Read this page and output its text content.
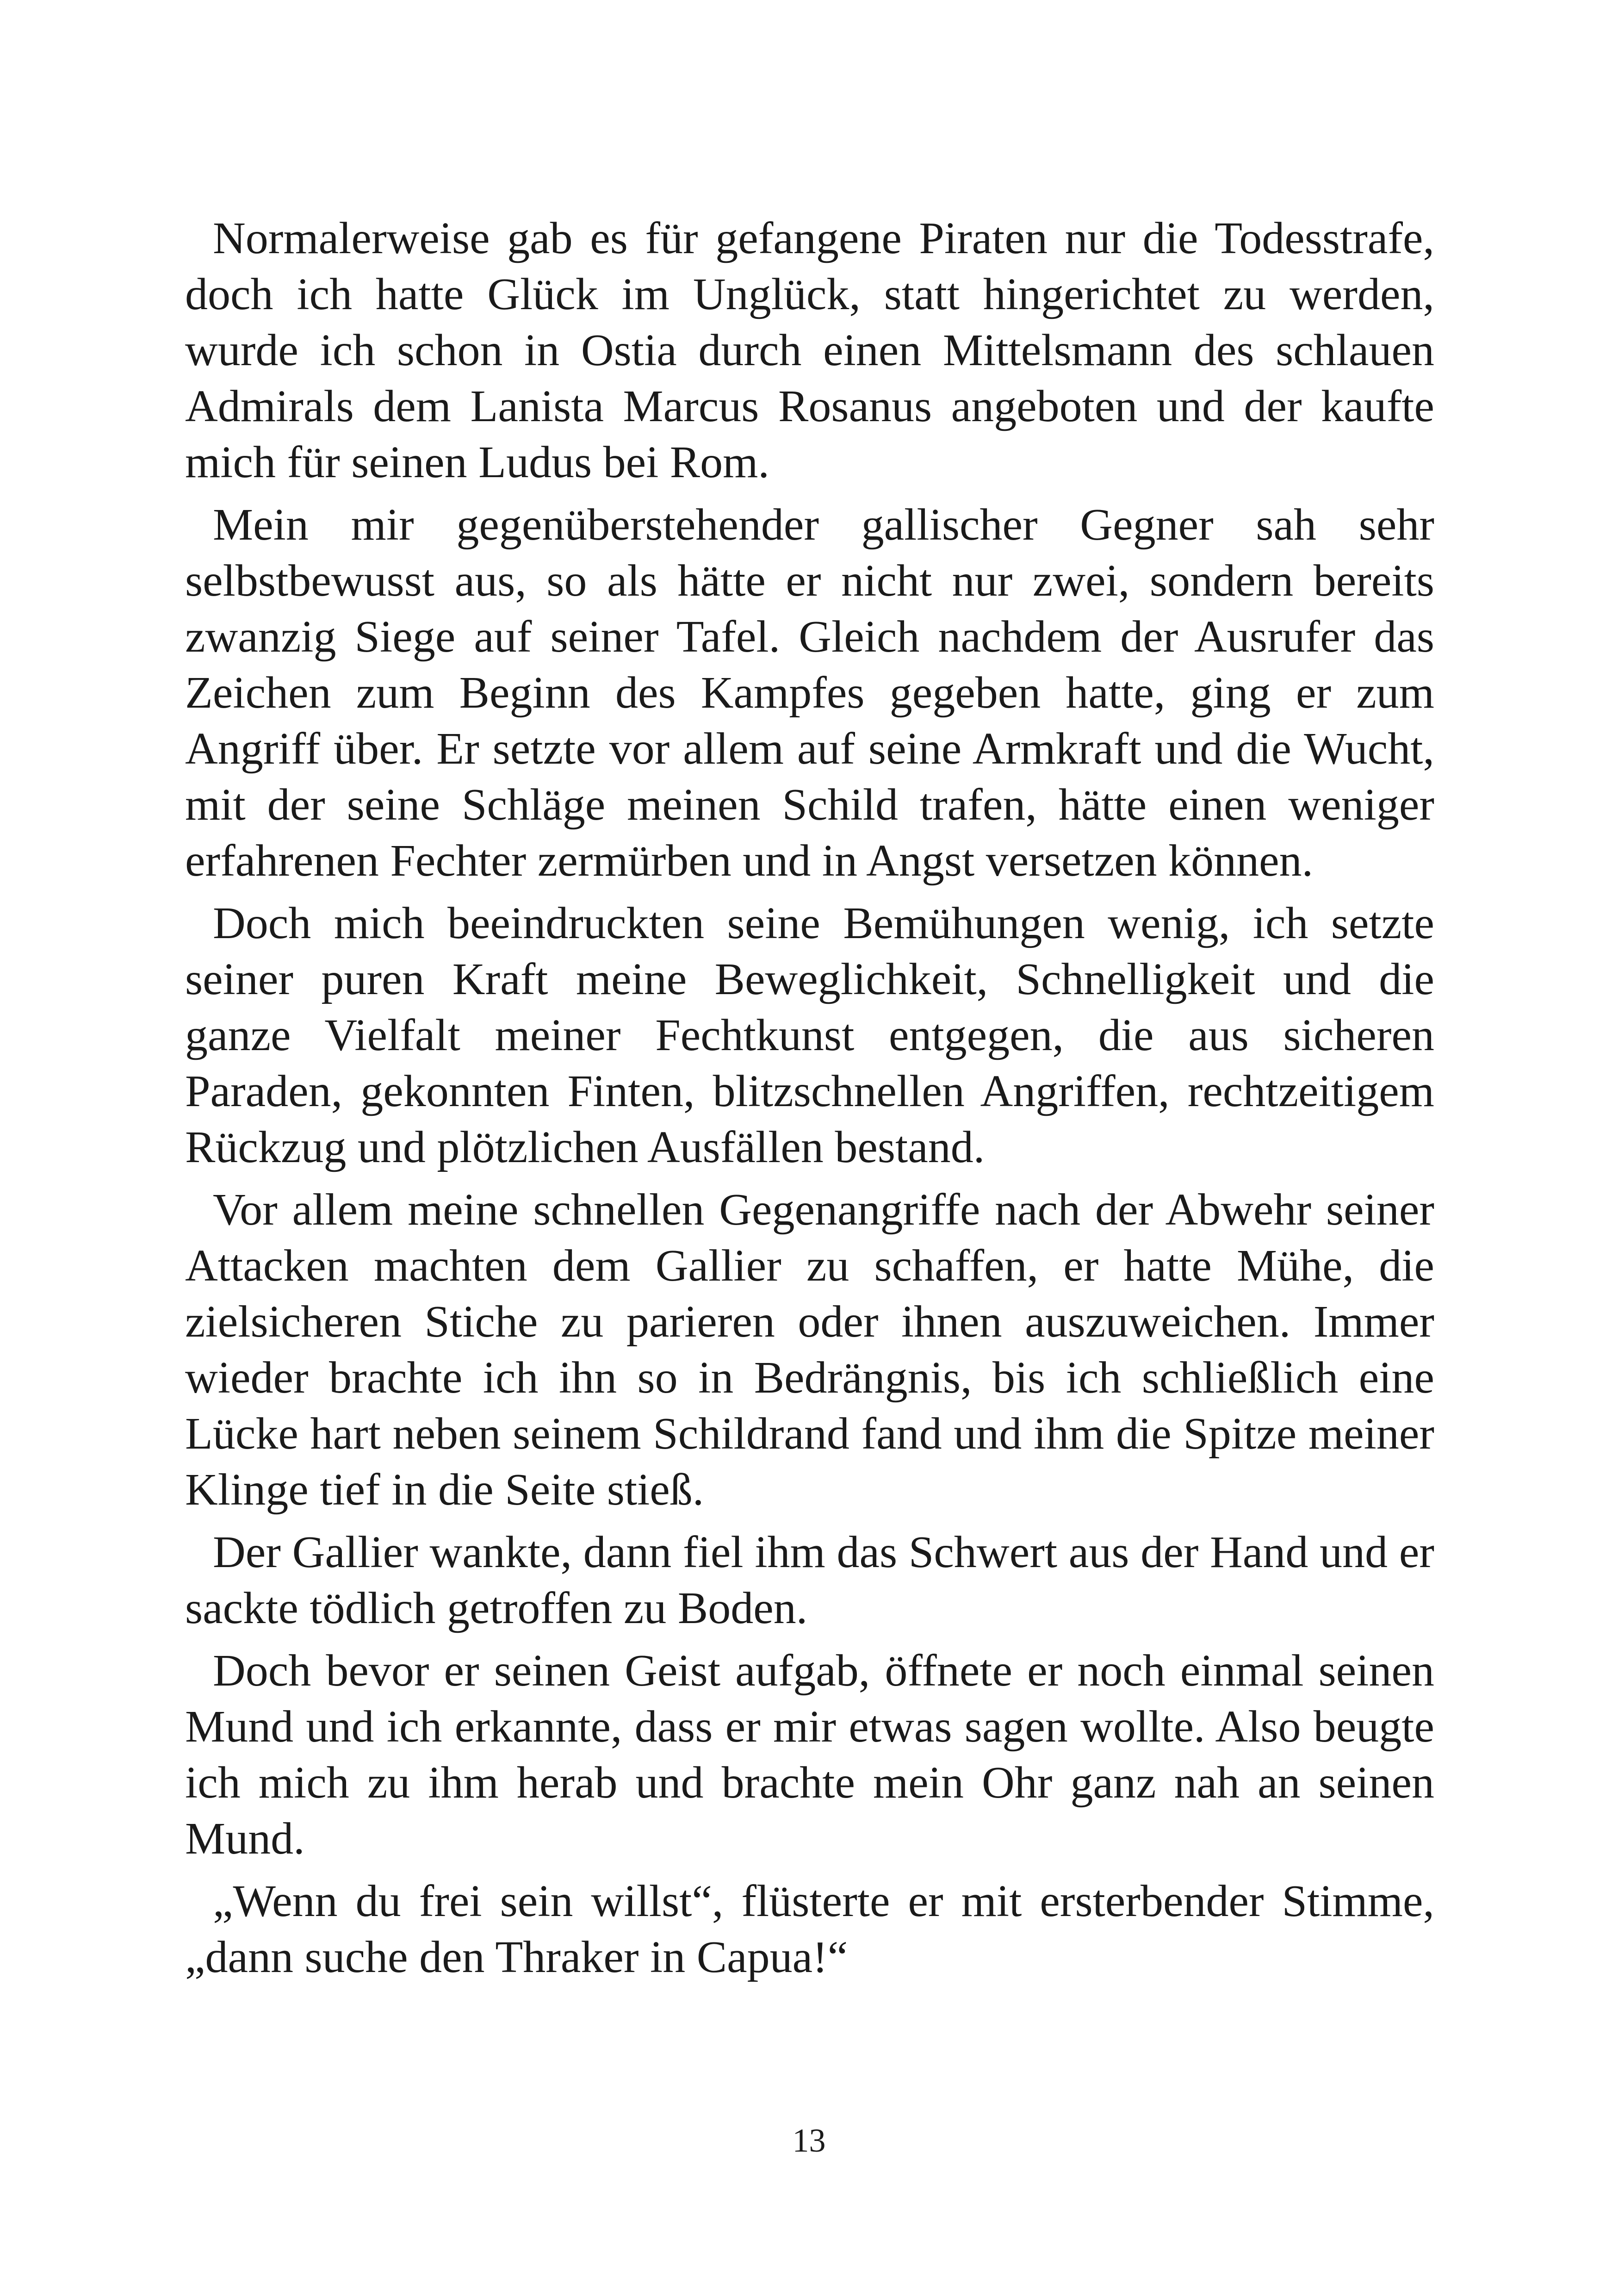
Normalerweise gab es für gefangene Piraten nur die Todesstrafe, doch ich hatte Glück im Unglück, statt hingerichtet zu werden, wurde ich schon in Ostia durch einen Mittelsmann des schlauen Admirals dem Lanista Marcus Rosanus angeboten und der kaufte mich für seinen Ludus bei Rom.

Mein mir gegenüberstehender gallischer Gegner sah sehr selbstbewusst aus, so als hätte er nicht nur zwei, sondern bereits zwanzig Siege auf seiner Tafel. Gleich nachdem der Ausrufer das Zeichen zum Beginn des Kampfes gegeben hatte, ging er zum Angriff über. Er setzte vor allem auf seine Armkraft und die Wucht, mit der seine Schläge meinen Schild trafen, hätte einen weniger erfahrenen Fechter zermürben und in Angst versetzen können.

Doch mich beeindruckten seine Bemühungen wenig, ich setzte seiner puren Kraft meine Beweglichkeit, Schnelligkeit und die ganze Vielfalt meiner Fechtkunst entgegen, die aus sicheren Paraden, gekonnten Finten, blitzschnellen Angriffen, rechtzeitigem Rückzug und plötzlichen Ausfällen bestand.

Vor allem meine schnellen Gegenangriffe nach der Abwehr seiner Attacken machten dem Gallier zu schaffen, er hatte Mühe, die zielsicheren Stiche zu parieren oder ihnen auszuweichen. Immer wieder brachte ich ihn so in Bedrängnis, bis ich schließlich eine Lücke hart neben seinem Schildrand fand und ihm die Spitze meiner Klinge tief in die Seite stieß.

Der Gallier wankte, dann fiel ihm das Schwert aus der Hand und er sackte tödlich getroffen zu Boden.

Doch bevor er seinen Geist aufgab, öffnete er noch einmal seinen Mund und ich erkannte, dass er mir etwas sagen wollte. Also beugte ich mich zu ihm herab und brachte mein Ohr ganz nah an seinen Mund.

„Wenn du frei sein willst“, flüsterte er mit ersterbender Stimme, „dann suche den Thraker in Capua!“

13
